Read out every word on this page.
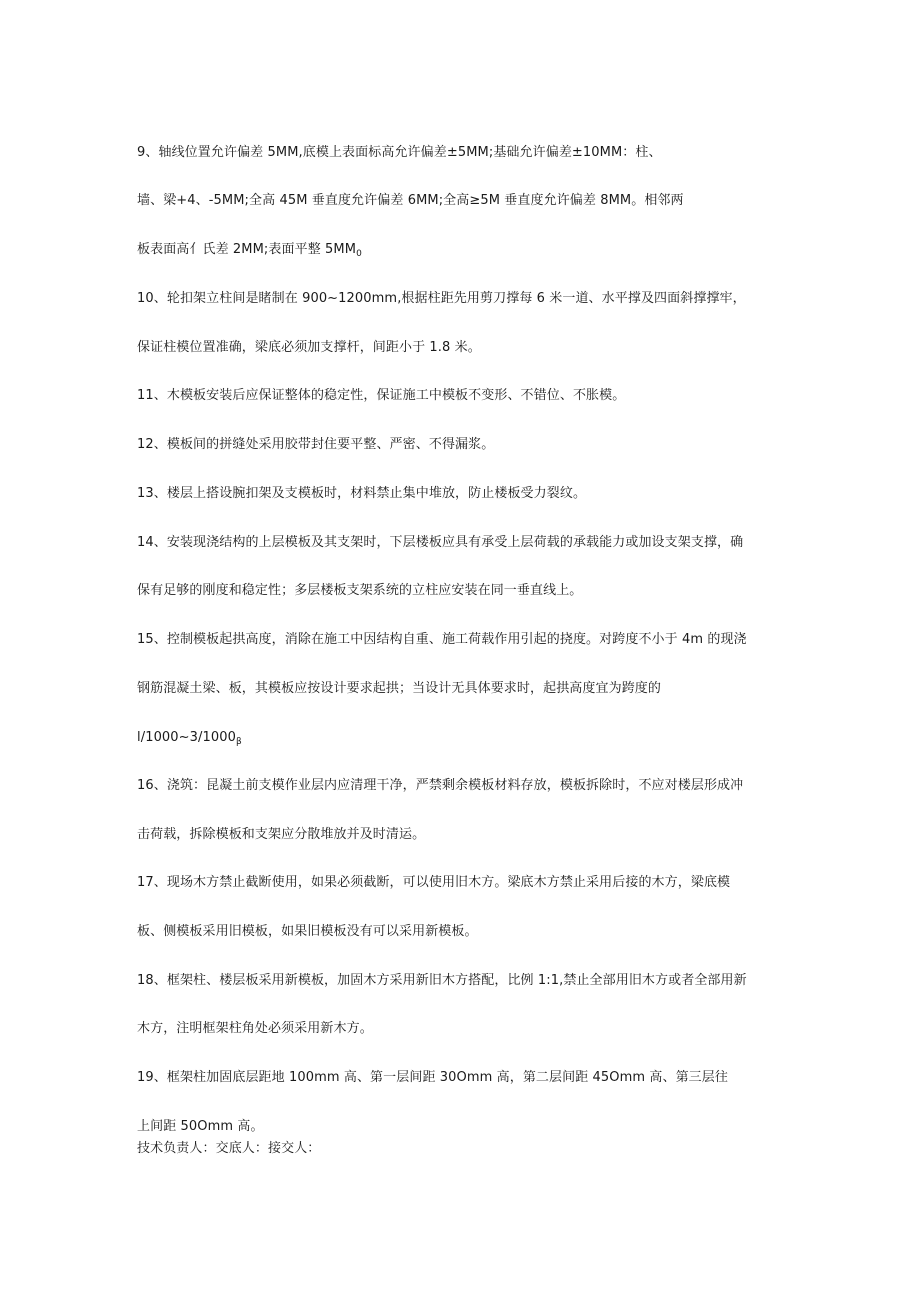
9、轴线位置允许偏差 5MM,底模上表面标高允许偏差±5MM;基础允许偏差±10MM：柱、
墙、梁+4、-5MM;全高 45M 垂直度允许偏差 6MM;全高≥5M 垂直度允许偏差 8MM。相邻两
板表面高亻氏差 2MM;表面平整 $5MM_0$
10、轮扣架立柱间是睹制在 900~1200mm,根据柱距先用剪刀撑每 6 米一道、水平撑及四面斜撑撑牢，
保证柱模位置准确，梁底必须加支撑杆，间距小于 1.8 米。
11、木模板安装后应保证整体的稳定性，保证施工中模板不变形、不错位、不胀模。
12、模板间的拼缝处采用胶带封住要平整、严密、不得漏浆。
13、楼层上搭设腕扣架及支模板时，材料禁止集中堆放，防止楼板受力裂纹。
14、安装现浇结构的上层模板及其支架时，下层楼板应具有承受上层荷载的承载能力或加设支架支撑，确
保有足够的刚度和稳定性；多层楼板支架系统的立柱应安装在同一垂直线上。
15、控制模板起拱高度，消除在施工中因结构自重、施工荷载作用引起的挠度。对跨度不小于 4m 的现浇
钢筋混凝土梁、板，其模板应按设计要求起拱；当设计无具体要求时，起拱高度宜为跨度的
$l/1000\sim 3/1000_\beta$
16、浇筑：昆凝土前支模作业层内应清理干净，严禁剩余模板材料存放，模板拆除时，不应对楼层形成冲
击荷载，拆除模板和支架应分散堆放并及时清运。
17、现场木方禁止截断使用，如果必须截断，可以使用旧木方。梁底木方禁止采用后接的木方，梁底模
板、侧模板采用旧模板，如果旧模板没有可以采用新模板。
18、框架柱、楼层板采用新模板，加固木方采用新旧木方搭配，比例 1:1,禁止全部用旧木方或者全部用新
木方，注明框架柱角处必须采用新木方。
19、框架柱加固底层距地 100mm 高、第一层间距 30Omm 高，第二层间距 45Omm 高、第三层往
上间距 50Omm 高。
技术负责人：交底人：接交人：
